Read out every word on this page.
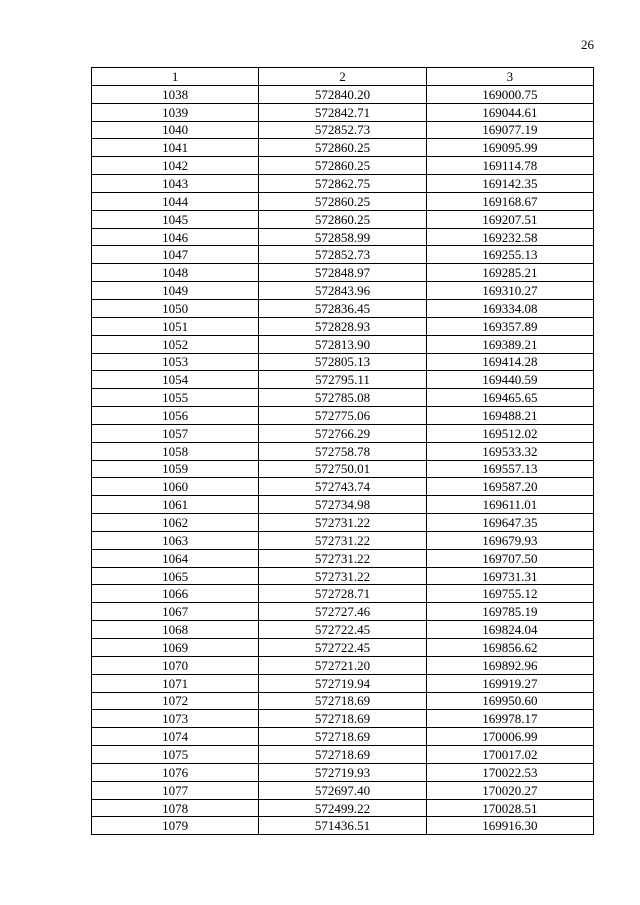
26
1	2	3
1038	572840.20	169000.75
1039	572842.71	169044.61
1040	572852.73	169077.19
1041	572860.25	169095.99
1042	572860.25	169114.78
1043	572862.75	169142.35
1044	572860.25	169168.67
1045	572860.25	169207.51
1046	572858.99	169232.58
1047	572852.73	169255.13
1048	572848.97	169285.21
1049	572843.96	169310.27
1050	572836.45	169334.08
1051	572828.93	169357.89
1052	572813.90	169389.21
1053	572805.13	169414.28
1054	572795.11	169440.59
1055	572785.08	169465.65
1056	572775.06	169488.21
1057	572766.29	169512.02
1058	572758.78	169533.32
1059	572750.01	169557.13
1060	572743.74	169587.20
1061	572734.98	169611.01
1062	572731.22	169647.35
1063	572731.22	169679.93
1064	572731.22	169707.50
1065	572731.22	169731.31
1066	572728.71	169755.12
1067	572727.46	169785.19
1068	572722.45	169824.04
1069	572722.45	169856.62
1070	572721.20	169892.96
1071	572719.94	169919.27
1072	572718.69	169950.60
1073	572718.69	169978.17
1074	572718.69	170006.99
1075	572718.69	170017.02
1076	572719.93	170022.53
1077	572697.40	170020.27
1078	572499.22	170028.51
1079	571436.51	169916.30
